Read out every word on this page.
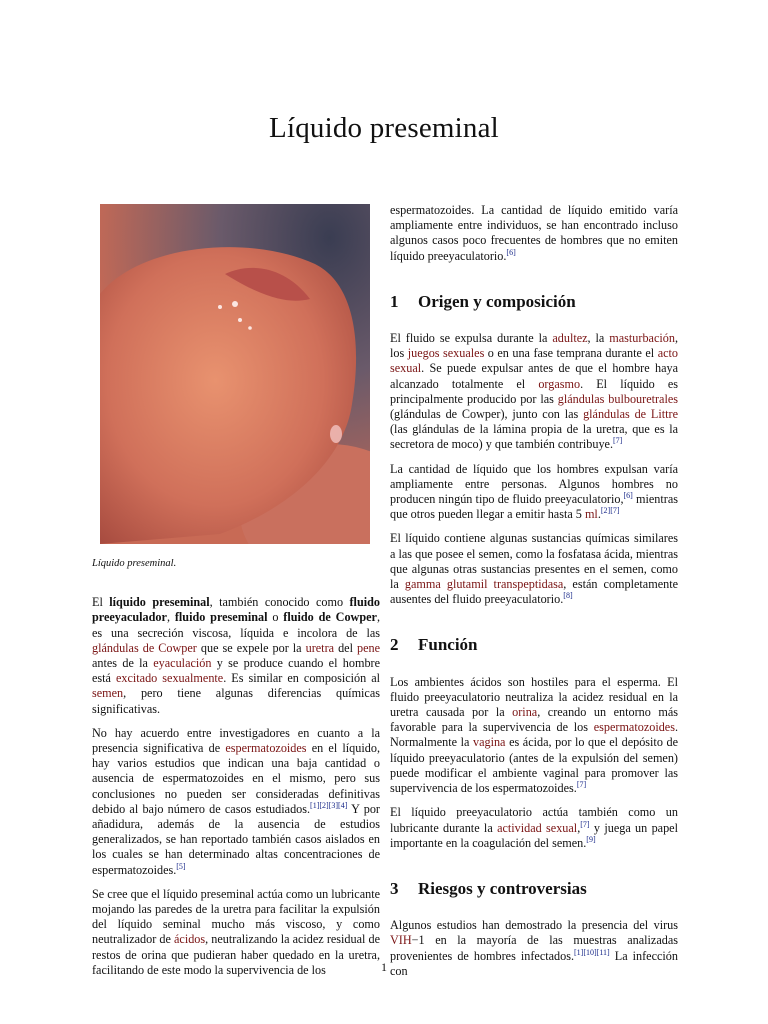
Líquido preseminal
Líquido preseminal.

El líquido preseminal, también conocido como fluido preeyaculador, fluido preseminal o fluido de Cowper, es una secreción viscosa, líquida e incolora de las glándulas de Cowper que se expele por la uretra del pene antes de la eyaculación y se produce cuando el hombre está excitado sexualmente. Es similar en composición al semen, pero tiene algunas diferencias químicas significativas.

No hay acuerdo entre investigadores en cuanto a la presencia significativa de espermatozoides en el líquido, hay varios estudios que indican una baja cantidad o ausencia de espermatozoides en el mismo, pero sus conclusiones no pueden ser consideradas definitivas debido al bajo número de casos estudiados.[1][2][3][4] Y por añadidura, además de la ausencia de estudios generalizados, se han reportado también casos aislados en los cuales se han determinado altas concentraciones de espermatozoides.[5]

Se cree que el líquido preseminal actúa como un lubricante mojando las paredes de la uretra para facilitar la expulsión del líquido seminal mucho más viscoso, y como neutralizador de ácidos, neutralizando la acidez residual de restos de orina que pudieran haber quedado en la uretra, facilitando de este modo la supervivencia de los

espermatozoides. La cantidad de líquido emitido varía ampliamente entre individuos, se han encontrado incluso algunos casos poco frecuentes de hombres que no emiten líquido preeyaculatorio.[6]

1 Origen y composición

El fluido se expulsa durante la adultez, la masturbación, los juegos sexuales o en una fase temprana durante el acto sexual. Se puede expulsar antes de que el hombre haya alcanzado totalmente el orgasmo. El líquido es principalmente producido por las glándulas bulbouretrales (glándulas de Cowper), junto con las glándulas de Littre (las glándulas de la lámina propia de la uretra, que es la secretora de moco) y que también contribuye.[7]

La cantidad de líquido que los hombres expulsan varía ampliamente entre personas. Algunos hombres no producen ningún tipo de fluido preeyaculatorio,[6] mientras que otros pueden llegar a emitir hasta 5 ml.[2][7]

El líquido contiene algunas sustancias químicas similares a las que posee el semen, como la fosfatasa ácida, mientras que algunas otras sustancias presentes en el semen, como la gamma glutamil transpeptidasa, están completamente ausentes del fluido preeyaculatorio.[8]

2 Función

Los ambientes ácidos son hostiles para el esperma. El fluido preeyaculatorio neutraliza la acidez residual en la uretra causada por la orina, creando un entorno más favorable para la supervivencia de los espermatozoides. Normalmente la vagina es ácida, por lo que el depósito de líquido preeyaculatorio (antes de la expulsión del semen) puede modificar el ambiente vaginal para promover las supervivencia de los espermatozoides.[7]

El líquido preeyaculatorio actúa también como un lubricante durante la actividad sexual,[7] y juega un papel importante en la coagulación del semen.[9]

3 Riesgos y controversias

Algunos estudios han demostrado la presencia del virus VIH−1 en la mayoría de las muestras analizadas provenientes de hombres infectados.[1][10][11] La infección con

1
